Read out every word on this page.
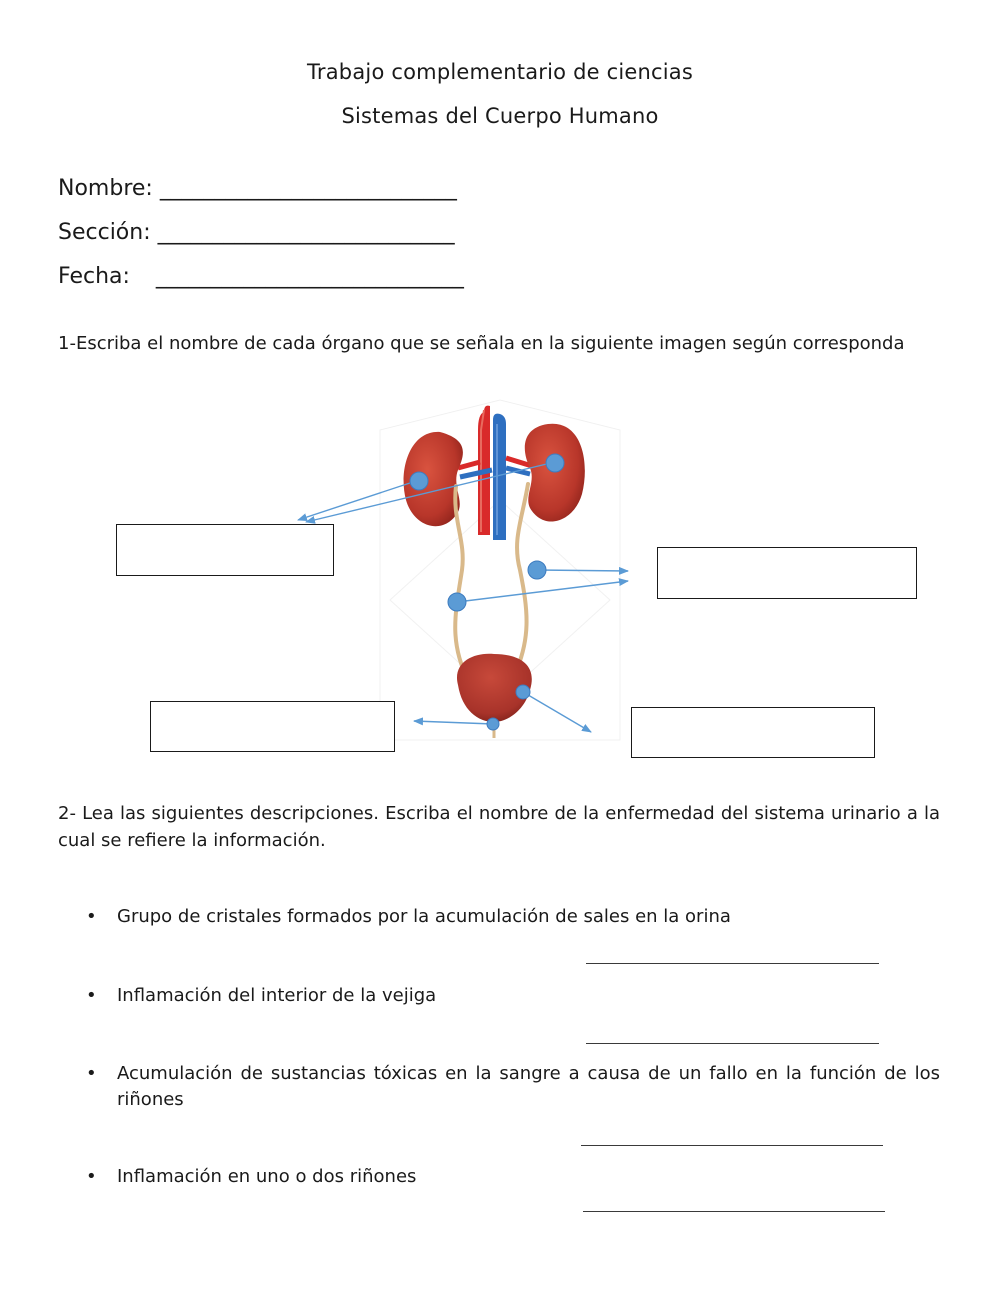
Trabajo complementario de ciencias
Sistemas del Cuerpo Humano
Nombre: ___________________________
Sección: ___________________________
Fecha: ____________________________
1-Escriba el nombre de cada órgano que se señala en la siguiente imagen según corresponda
2- Lea las siguientes descripciones. Escriba el nombre de la enfermedad del sistema urinario a la cual se refiere la información.
•	Grupo de cristales formados por la acumulación de sales en la orina
•	Inflamación del interior de la vejiga
•	Acumulación de sustancias tóxicas en la sangre a causa de un fallo en la función de los riñones
•	Inflamación en uno o dos riñones
